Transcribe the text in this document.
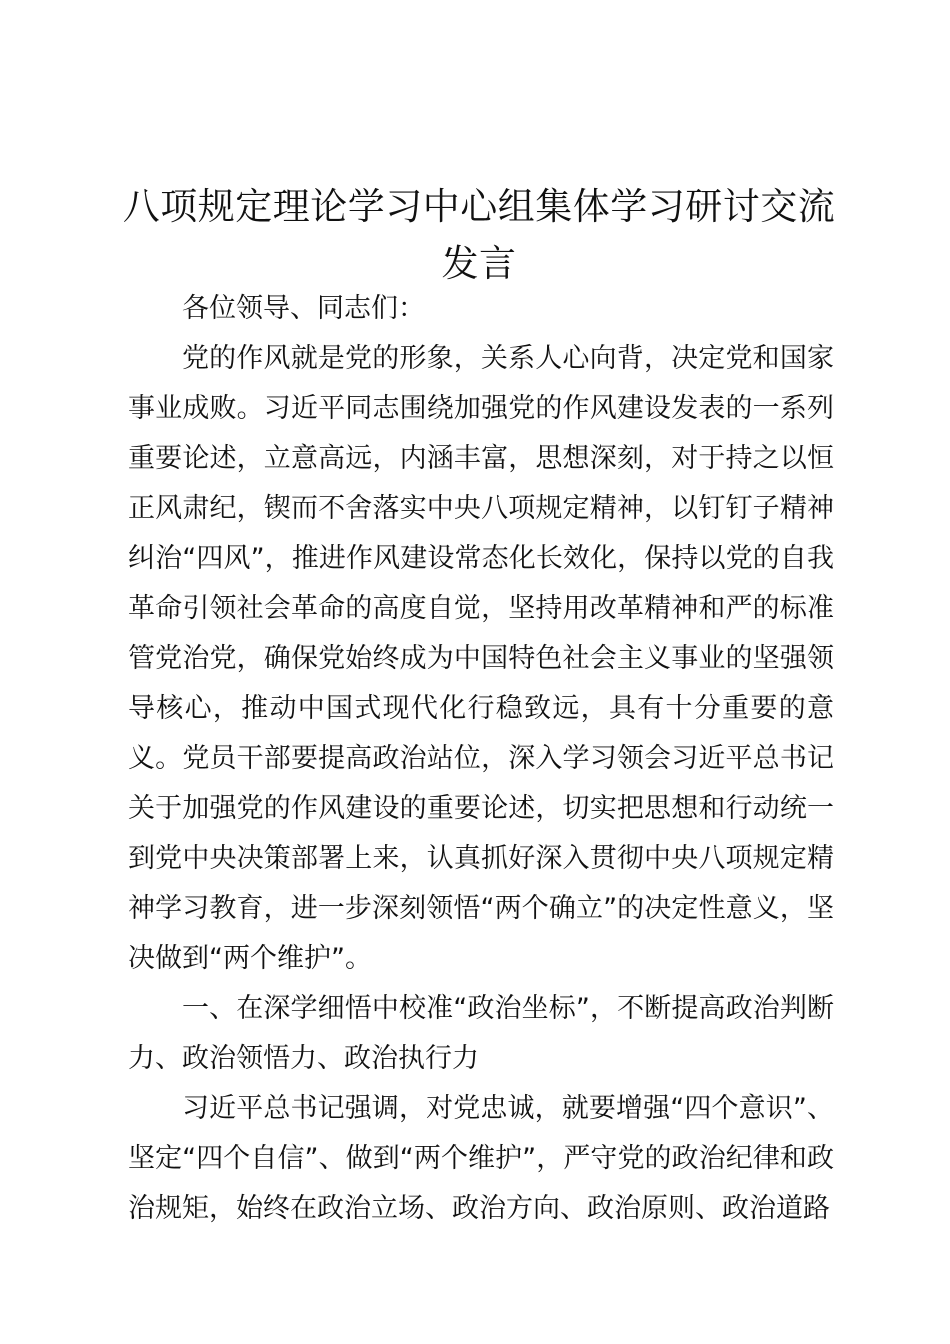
八项规定理论学习中心组集体学习研讨交流发言

各位领导、同志们：

党的作风就是党的形象，关系人心向背，决定党和国家事业成败。习近平同志围绕加强党的作风建设发表的一系列重要论述，立意高远，内涵丰富，思想深刻，对于持之以恒正风肃纪，锲而不舍落实中央八项规定精神，以钉钉子精神纠治“四风”，推进作风建设常态化长效化，保持以党的自我革命引领社会革命的高度自觉，坚持用改革精神和严的标准管党治党，确保党始终成为中国特色社会主义事业的坚强领导核心，推动中国式现代化行稳致远，具有十分重要的意义。党员干部要提高政治站位，深入学习领会习近平总书记关于加强党的作风建设的重要论述，切实把思想和行动统一到党中央决策部署上来，认真抓好深入贯彻中央八项规定精神学习教育，进一步深刻领悟“两个确立”的决定性意义，坚决做到“两个维护”。

一、在深学细悟中校准“政治坐标”，不断提高政治判断力、政治领悟力、政治执行力

习近平总书记强调，对党忠诚，就要增强“四个意识”、坚定“四个自信”、做到“两个维护”，严守党的政治纪律和政治规矩，始终在政治立场、政治方向、政治原则、政治道路
